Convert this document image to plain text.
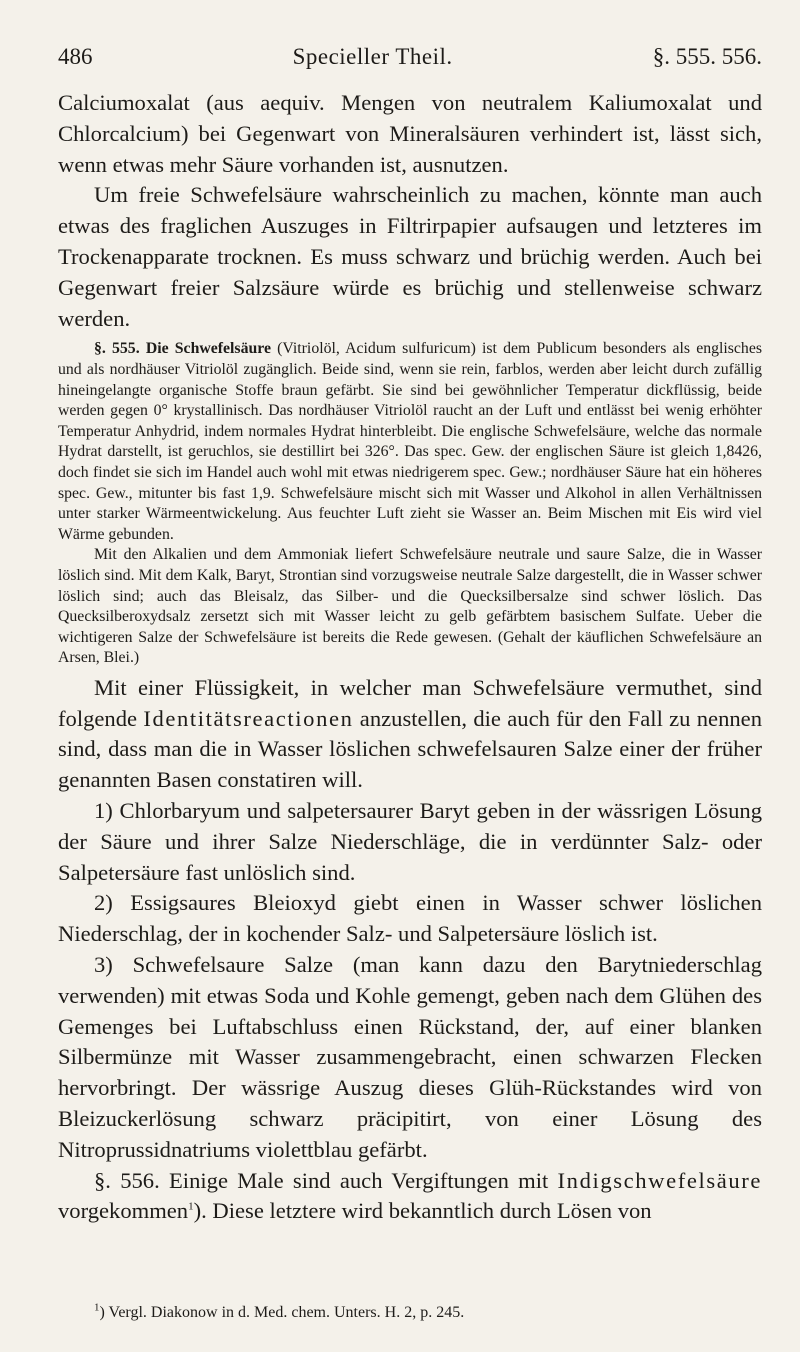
486	Specieller Theil.	§. 555. 556.

Calciumoxalat (aus aequiv. Mengen von neutralem Kaliumoxalat und Chlorcalcium) bei Gegenwart von Mineralsäuren verhindert ist, lässt sich, wenn etwas mehr Säure vorhanden ist, ausnutzen.

Um freie Schwefelsäure wahrscheinlich zu machen, könnte man auch etwas des fraglichen Auszuges in Filtrirpapier aufsaugen und letzteres im Trockenapparate trocknen. Es muss schwarz und brüchig werden. Auch bei Gegenwart freier Salzsäure würde es brüchig und stellenweise schwarz werden.

§. 555. Die Schwefelsäure (Vitriolöl, Acidum sulfuricum) ist dem Publicum besonders als englisches und als nordhäuser Vitriolöl zugänglich. Beide sind, wenn sie rein, farblos, werden aber leicht durch zufällig hineingelangte organische Stoffe braun gefärbt. Sie sind bei gewöhnlicher Temperatur dickflüssig, beide werden gegen 0° krystallinisch. Das nordhäuser Vitriolöl raucht an der Luft und entlässt bei wenig erhöhter Temperatur Anhydrid, indem normales Hydrat hinterbleibt. Die englische Schwefelsäure, welche das normale Hydrat darstellt, ist geruchlos, sie destillirt bei 326°. Das spec. Gew. der englischen Säure ist gleich 1,8426, doch findet sie sich im Handel auch wohl mit etwas niedrigerem spec. Gew.; nordhäuser Säure hat ein höheres spec. Gew., mitunter bis fast 1,9. Schwefelsäure mischt sich mit Wasser und Alkohol in allen Verhältnissen unter starker Wärmeentwickelung. Aus feuchter Luft zieht sie Wasser an. Beim Mischen mit Eis wird viel Wärme gebunden.

Mit den Alkalien und dem Ammoniak liefert Schwefelsäure neutrale und saure Salze, die in Wasser löslich sind. Mit dem Kalk, Baryt, Strontian sind vorzugsweise neutrale Salze dargestellt, die in Wasser schwer löslich sind; auch das Bleisalz, das Silber- und die Quecksilbersalze sind schwer löslich. Das Quecksilberoxydsalz zersetzt sich mit Wasser leicht zu gelb gefärbtem basischem Sulfate. Ueber die wichtigeren Salze der Schwefelsäure ist bereits die Rede gewesen. (Gehalt der käuflichen Schwefelsäure an Arsen, Blei.)

Mit einer Flüssigkeit, in welcher man Schwefelsäure vermuthet, sind folgende Identitätsreactionen anzustellen, die auch für den Fall zu nennen sind, dass man die in Wasser löslichen schwefelsauren Salze einer der früher genannten Basen constatiren will.

1) Chlorbaryum und salpetersaurer Baryt geben in der wässrigen Lösung der Säure und ihrer Salze Niederschläge, die in verdünnter Salz- oder Salpetersäure fast unlöslich sind.

2) Essigsaures Bleioxyd giebt einen in Wasser schwer löslichen Niederschlag, der in kochender Salz- und Salpetersäure löslich ist.

3) Schwefelsaure Salze (man kann dazu den Barytniederschlag verwenden) mit etwas Soda und Kohle gemengt, geben nach dem Glühen des Gemenges bei Luftabschluss einen Rückstand, der, auf einer blanken Silbermünze mit Wasser zusammengebracht, einen schwarzen Flecken hervorbringt. Der wässrige Auszug dieses Glüh-Rückstandes wird von Bleizuckerlösung schwarz präcipitirt, von einer Lösung des Nitroprussidnatriums violettblau gefärbt.

§. 556. Einige Male sind auch Vergiftungen mit Indigschwefelsäure vorgekommen$^1$). Diese letztere wird bekanntlich durch Lösen von

$^1$) Vergl. Diakonow in d. Med. chem. Unters. H. 2, p. 245.
